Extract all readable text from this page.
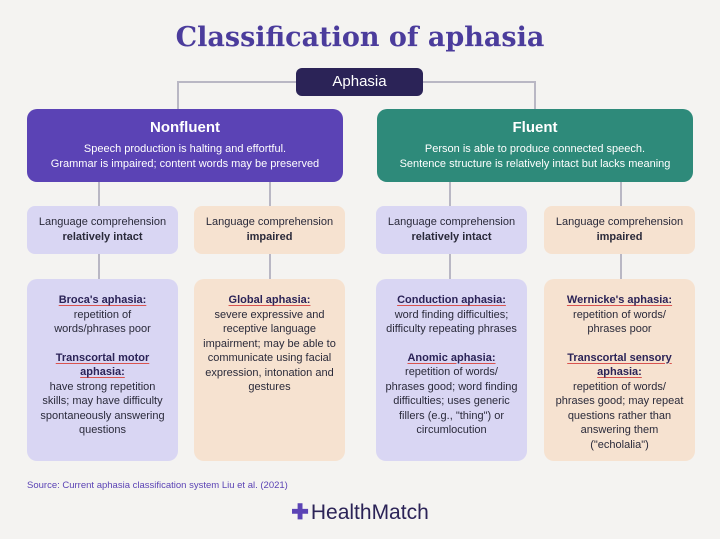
Classification of aphasia
Aphasia
Nonfluent
Speech production is halting and effortful.
Grammar is impaired; content words may be preserved
Fluent
Person is able to produce connected speech.
Sentence structure is relatively intact but lacks meaning
Language comprehension
relatively intact
Language comprehension
impaired
Language comprehension
relatively intact
Language comprehension
impaired
Broca's aphasia:
repetition of words/phrases poor
Transcortal motor aphasia:
have strong repetition skills; may have difficulty spontaneously answering questions
Global aphasia:
severe expressive and receptive language impairment; may be able to communicate using facial expression, intonation and gestures
Conduction aphasia:
word finding difficulties; difficulty repeating phrases
Anomic aphasia:
repetition of words/ phrases good; word finding difficulties; uses generic fillers (e.g., "thing") or circumlocution
Wernicke's aphasia:
repetition of words/ phrases poor
Transcortal sensory aphasia:
repetition of words/ phrases good; may repeat questions rather than answering them ("echolalia")
Source: Current aphasia classification system Liu et al. (2021)
✚HealthMatch
